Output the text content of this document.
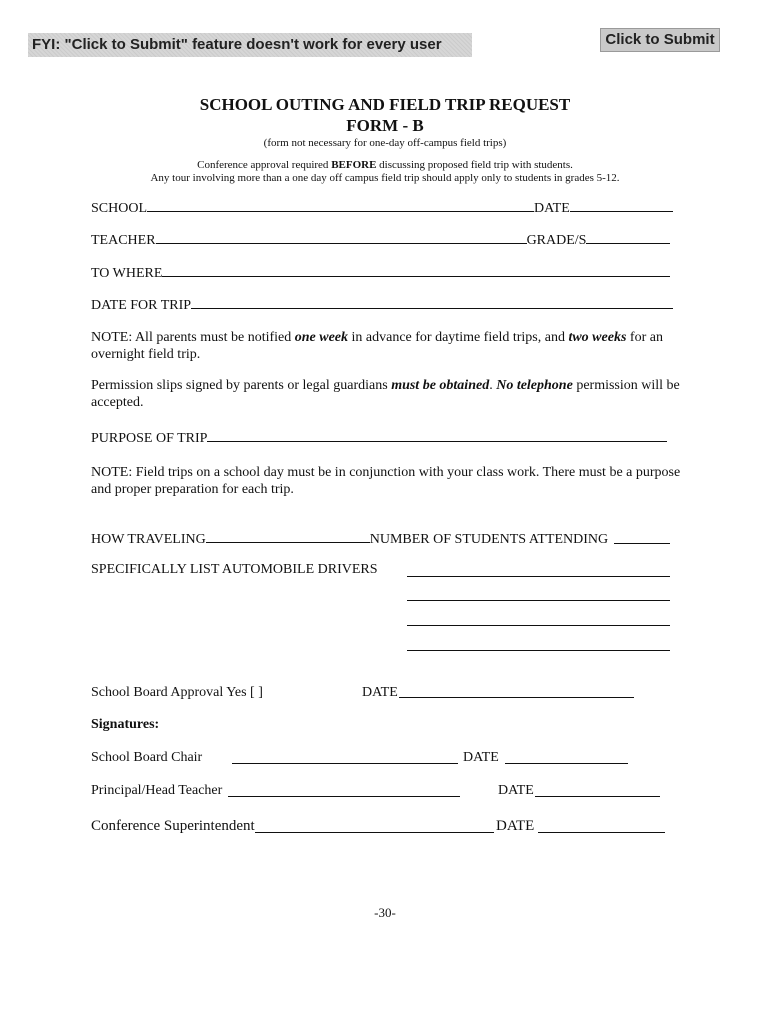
FYI: "Click to Submit" feature doesn't work for every user	Click to Submit
SCHOOL OUTING AND FIELD TRIP REQUEST
FORM - B
(form not necessary for one-day off-campus field trips)
Conference approval required BEFORE discussing proposed field trip with students.
Any tour involving more than a one day off campus field trip should apply only to students in grades 5-12.
SCHOOL	DATE
TEACHER	GRADE/S
TO WHERE
DATE FOR TRIP
NOTE: All parents must be notified one week in advance for daytime field trips, and two weeks for an overnight field trip.
Permission slips signed by parents or legal guardians must be obtained. No telephone permission will be accepted.
PURPOSE OF TRIP
NOTE: Field trips on a school day must be in conjunction with your class work. There must be a purpose and proper preparation for each trip.
HOW TRAVELING	NUMBER OF STUDENTS ATTENDING
SPECIFICALLY LIST AUTOMOBILE DRIVERS
School Board Approval Yes [ ]	DATE
Signatures:
School Board Chair	DATE
Principal/Head Teacher	DATE
Conference Superintendent	DATE
-30-
